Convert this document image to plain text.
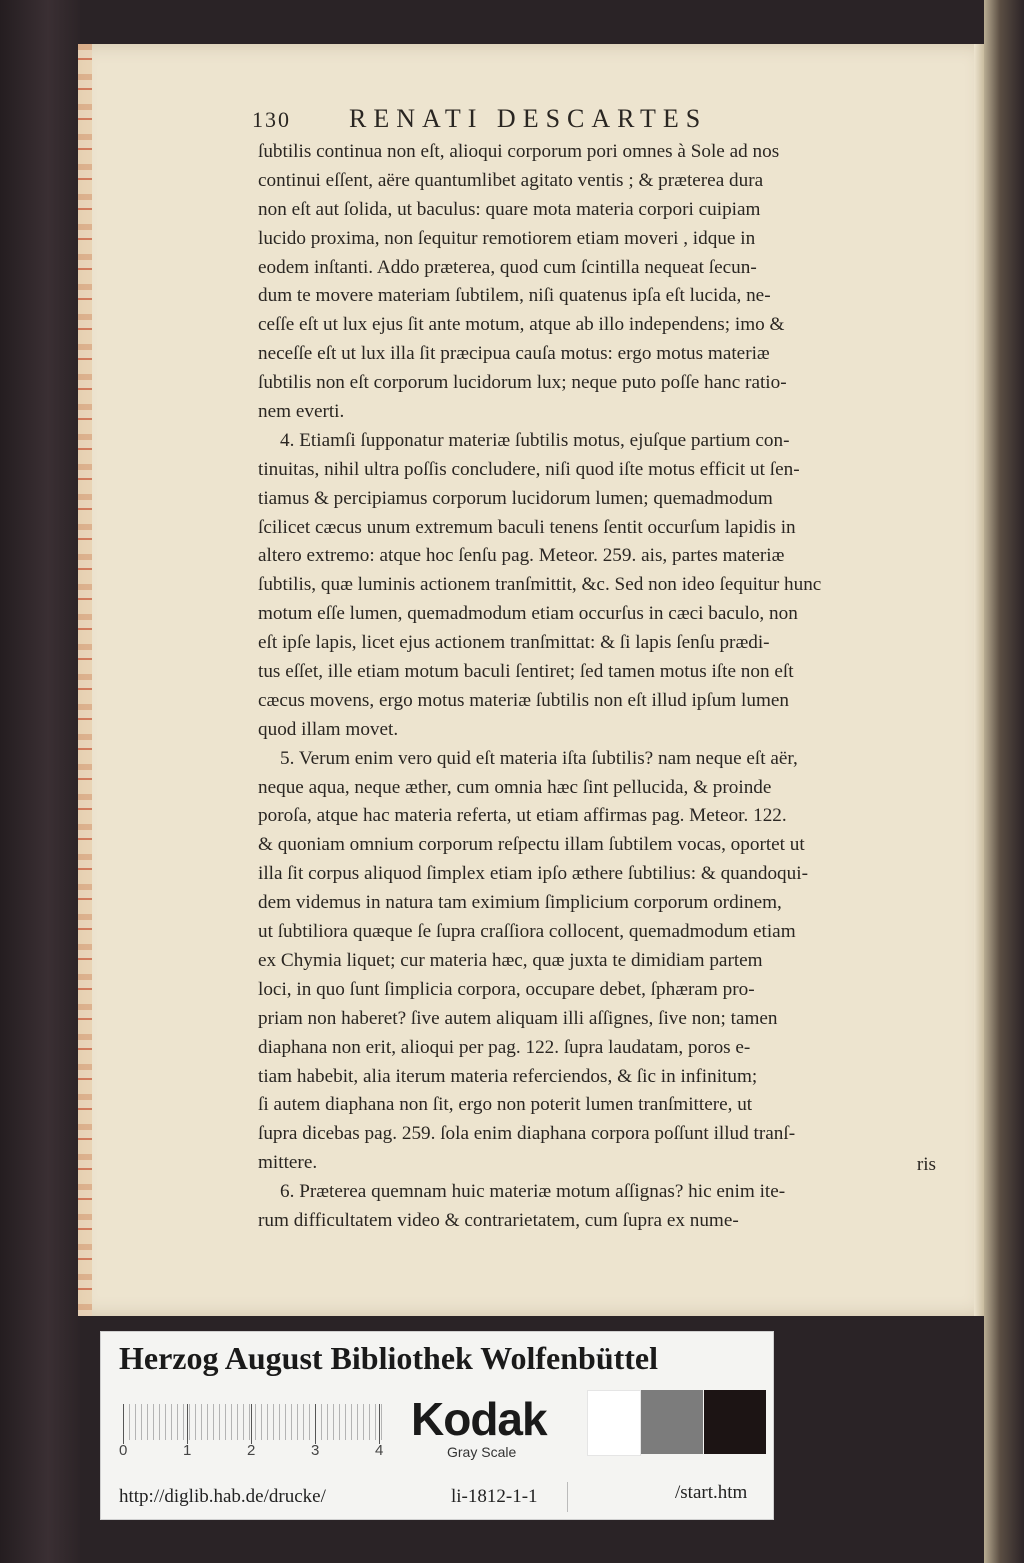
130 RENATI DESCARTES
ſubtilis continua non eſt, alioqui corporum pori omnes à Sole ad nos
continui eſſent, aëre quantumlibet agitato ventis ; & præterea dura
non eſt aut ſolida, ut baculus: quare mota materia corpori cuipiam
lucido proxima, non ſequitur remotiorem etiam moveri , idque in
eodem inſtanti. Addo præterea, quod cum ſcintilla nequeat ſecun-
dum te movere materiam ſubtilem, niſi quatenus ipſa eſt lucida, ne-
ceſſe eſt ut lux ejus ſit ante motum, atque ab illo independens; imo &
neceſſe eſt ut lux illa ſit præcipua cauſa motus: ergo motus materiæ
ſubtilis non eſt corporum lucidorum lux; neque puto poſſe hanc ratio-
nem everti.
4. Etiamſi ſupponatur materiæ ſubtilis motus, ejuſque partium con-
tinuitas, nihil ultra poſſis concludere, niſi quod iſte motus efficit ut ſen-
tiamus & percipiamus corporum lucidorum lumen; quemadmodum
ſcilicet cæcus unum extremum baculi tenens ſentit occurſum lapidis in
altero extremo: atque hoc ſenſu pag. Meteor. 259. ais, partes materiæ
ſubtilis, quæ luminis actionem tranſmittit, &c. Sed non ideo ſequitur hunc
motum eſſe lumen, quemadmodum etiam occurſus in cæci baculo, non
eſt ipſe lapis, licet ejus actionem tranſmittat: & ſi lapis ſenſu prædi-
tus eſſet, ille etiam motum baculi ſentiret; ſed tamen motus iſte non eſt
cæcus movens, ergo motus materiæ ſubtilis non eſt illud ipſum lumen
quod illam movet.
5. Verum enim vero quid eſt materia iſta ſubtilis? nam neque eſt aër,
neque aqua, neque æther, cum omnia hæc ſint pellucida, & proinde
poroſa, atque hac materia referta, ut etiam affirmas pag. Meteor. 122.
& quoniam omnium corporum reſpectu illam ſubtilem vocas, oportet ut
illa ſit corpus aliquod ſimplex etiam ipſo æthere ſubtilius: & quandoqui-
dem videmus in natura tam eximium ſimplicium corporum ordinem,
ut ſubtiliora quæque ſe ſupra craſſiora collocent, quemadmodum etiam
ex Chymia liquet; cur materia hæc, quæ juxta te dimidiam partem
loci, in quo ſunt ſimplicia corpora, occupare debet, ſphæram pro-
priam non haberet? ſive autem aliquam illi aſſignes, ſive non; tamen
diaphana non erit, alioqui per pag. 122. ſupra laudatam, poros e-
tiam habebit, alia iterum materia referciendos, & ſic in infinitum;
ſi autem diaphana non ſit, ergo non poterit lumen tranſmittere, ut
ſupra dicebas pag. 259. ſola enim diaphana corpora poſſunt illud tranſ-
mittere.
6. Præterea quemnam huic materiæ motum aſſignas? hic enim ite-
rum difficultatem video & contrarietatem, cum ſupra ex nume-
ris
Herzog August Bibliothek Wolfenbüttel
0	1	2	3	4
Kodak
Gray Scale
http://diglib.hab.de/drucke/	li-1812-1-1	/start.htm
